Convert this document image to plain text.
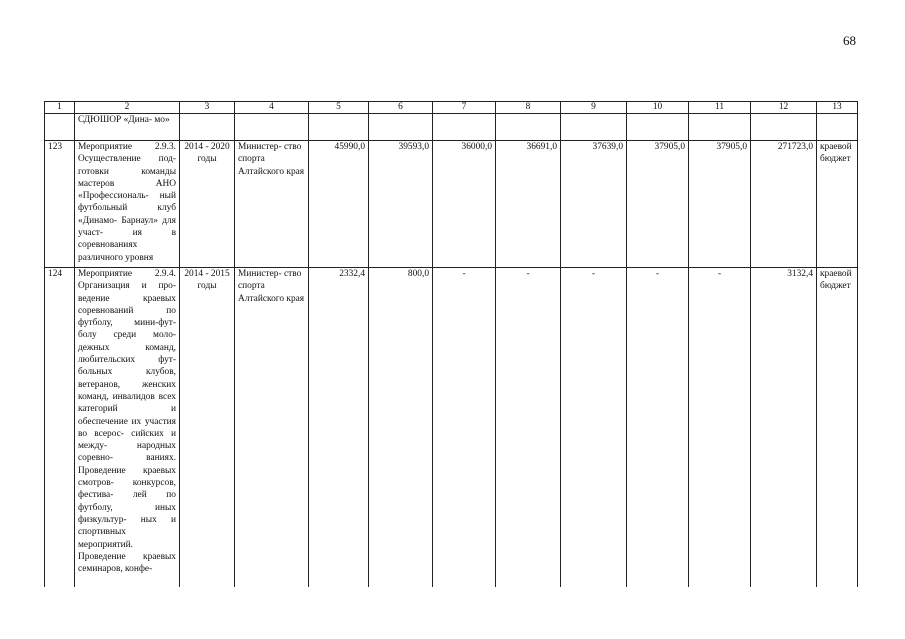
68
1	2	3	4	5	6	7	8	9	10	11	12	13
	СДЮШОР «Дина- мо»											
123	Мероприятие 2.9.3. Осуществление под- готовки команды мастеров АНО «Профессиональ- ный футбольный клуб «Динамо- Барнаул» для участ- ия в соревнованиях различного уровня	2014 - 2020 годы	Министер- ство спорта Алтайского края	45990,0	39593,0	36000,0	36691,0	37639,0	37905,0	37905,0	271723,0	краевой бюджет
124	Мероприятие 2.9.4. Организация и про- ведение краевых соревнований по футболу, мини-фут- болу среди моло- дежных команд, любительских фут- больных клубов, ветеранов, женских команд, инвалидов всех категорий и обеспечение их участия во всерос- сийских и между- народных соревно- ваниях. Проведение краевых смотров- конкурсов, фестива- лей по футболу, иных физкультур- ных и спортивных мероприятий. Проведение краевых семинаров, конфе-	2014 - 2015 годы	Министер- ство спорта Алтайского края	2332,4	800,0	-	-	-	-	-	3132,4	краевой бюджет
